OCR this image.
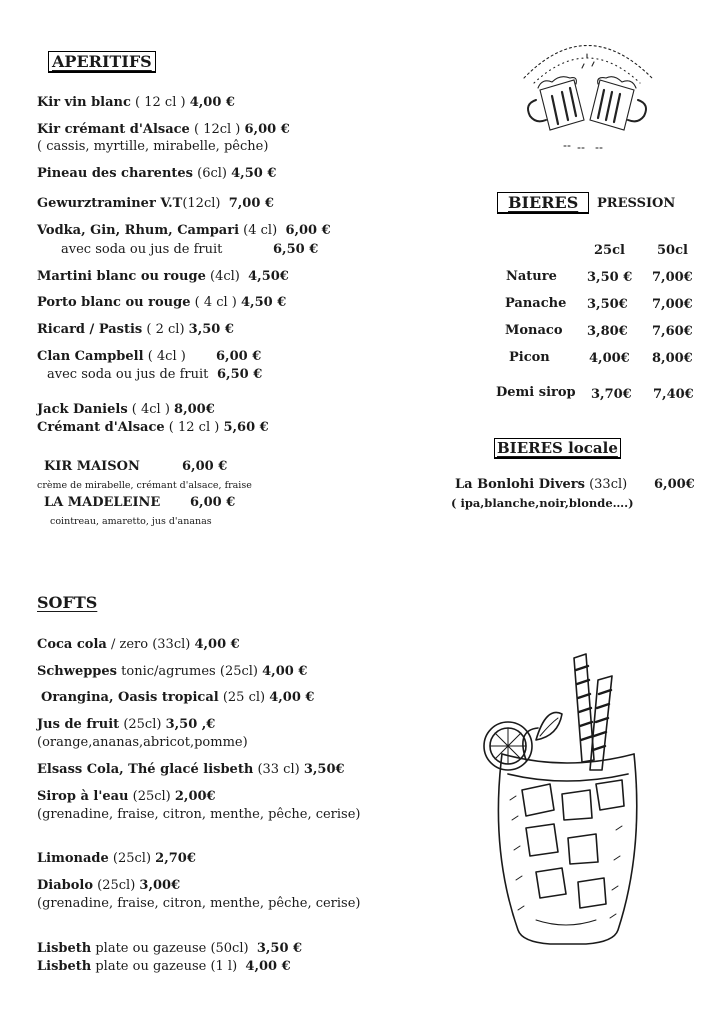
APERITIFS
Kir vin blanc ( 12 cl ) 4,00 €
Kir crémant d'Alsace ( 12cl ) 6,00 €
( cassis, myrtille, mirabelle, pêche)
Pineau des charentes (6cl) 4,50 €
Gewurztraminer V.T(12cl) 7,00 €
Vodka, Gin, Rhum, Campari (4 cl) 6,00 €
avec soda ou jus de fruit	6,50 €
Martini blanc ou rouge (4cl) 4,50€
Porto blanc ou rouge ( 4 cl ) 4,50 €
Ricard / Pastis ( 2 cl) 3,50 €
Clan Campbell ( 4cl ) 6,00 €
avec soda ou jus de fruit 6,50 €
Jack Daniels ( 4cl ) 8,00€
Crémant d'Alsace ( 12 cl ) 5,60 €
KIR MAISON	6,00 €
crème de mirabelle, crémant d'alsace, fraise
LA MADELEINE 6,00 €
cointreau, amaretto, jus d'ananas
BIERES	PRESSION
25cl 50cl
Nature 3,50 € 7,00€
Panache 3,50€ 7,00€
Monaco 3,80€ 7,60€
Picon	4,00€ 8,00€
Demi sirop 3,70€ 7,40€
BIERES locale
La Bonlohi Divers (33cl) 6,00€
( ipa,blanche,noir,blonde….)
SOFTS
Coca cola / zero (33cl) 4,00 €
Schweppes tonic/agrumes (25cl) 4,00 €
Orangina, Oasis tropical (25 cl) 4,00 €
Jus de fruit (25cl) 3,50 ,€
(orange,ananas,abricot,pomme)
Elsass Cola, Thé glacé lisbeth (33 cl) 3,50€
Sirop à l'eau (25cl) 2,00€
(grenadine, fraise, citron, menthe, pêche, cerise)
Limonade (25cl) 2,70€
Diabolo (25cl) 3,00€
(grenadine, fraise, citron, menthe, pêche, cerise)
Lisbeth plate ou gazeuse (50cl) 3,50 €
Lisbeth plate ou gazeuse (1 l) 4,00 €
